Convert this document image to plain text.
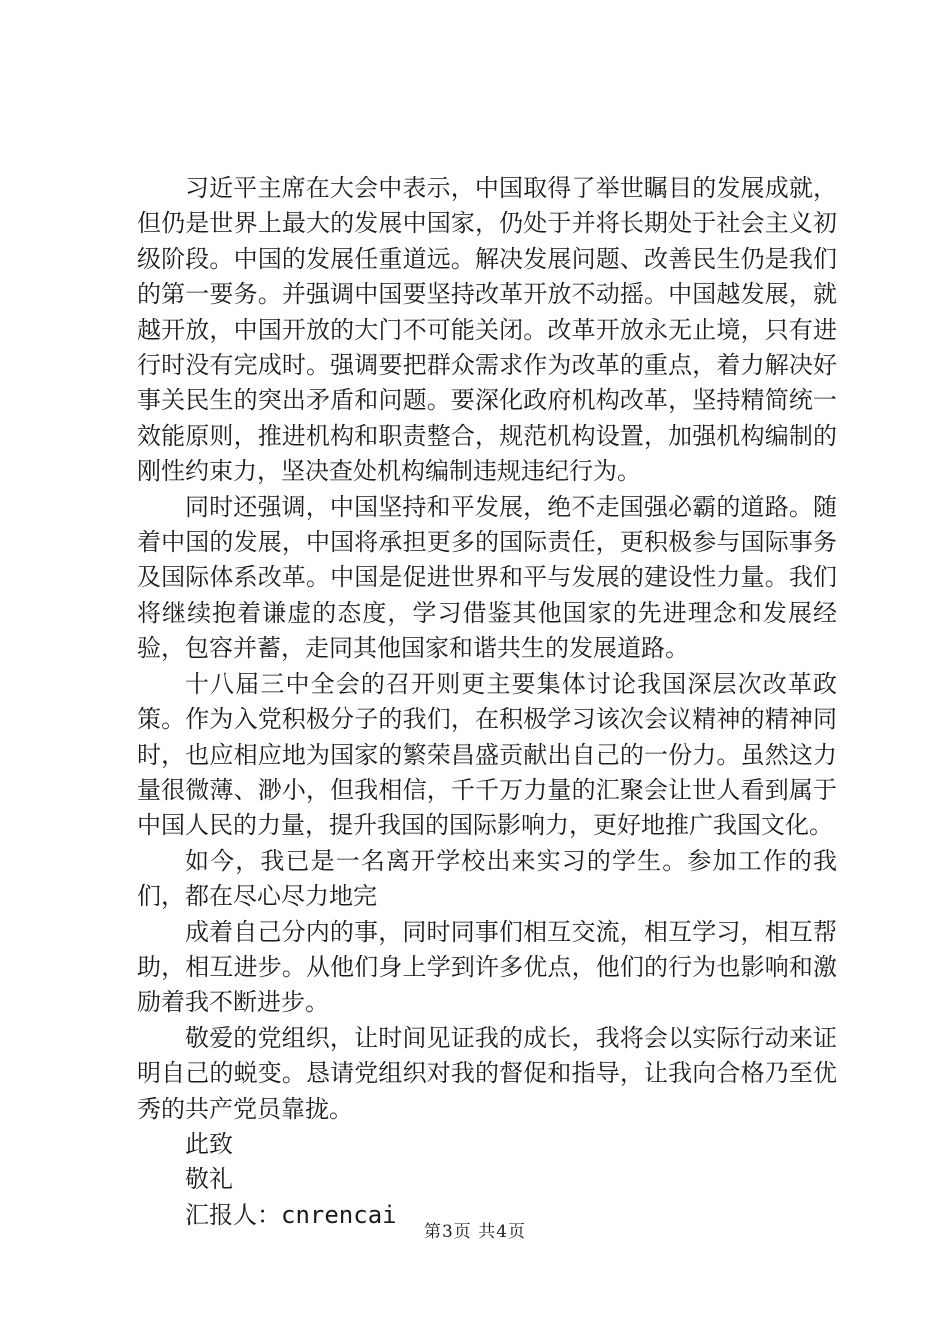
习近平主席在大会中表示，中国取得了举世瞩目的发展成就，但仍是世界上最大的发展中国家，仍处于并将长期处于社会主义初级阶段。中国的发展任重道远。解决发展问题、改善民生仍是我们的第一要务。并强调中国要坚持改革开放不动摇。中国越发展，就越开放，中国开放的大门不可能关闭。改革开放永无止境，只有进行时没有完成时。强调要把群众需求作为改革的重点，着力解决好事关民生的突出矛盾和问题。要深化政府机构改革，坚持精简统一效能原则，推进机构和职责整合，规范机构设置，加强机构编制的刚性约束力，坚决查处机构编制违规违纪行为。

同时还强调，中国坚持和平发展，绝不走国强必霸的道路。随着中国的发展，中国将承担更多的国际责任，更积极参与国际事务及国际体系改革。中国是促进世界和平与发展的建设性力量。我们将继续抱着谦虚的态度，学习借鉴其他国家的先进理念和发展经验，包容并蓄，走同其他国家和谐共生的发展道路。

十八届三中全会的召开则更主要集体讨论我国深层次改革政策。作为入党积极分子的我们，在积极学习该次会议精神的精神同时，也应相应地为国家的繁荣昌盛贡献出自己的一份力。虽然这力量很微薄、渺小，但我相信，千千万力量的汇聚会让世人看到属于中国人民的力量，提升我国的国际影响力，更好地推广我国文化。

如今，我已是一名离开学校出来实习的学生。参加工作的我们，都在尽心尽力地完

成着自己分内的事，同时同事们相互交流，相互学习，相互帮助，相互进步。从他们身上学到许多优点，他们的行为也影响和激励着我不断进步。

敬爱的党组织，让时间见证我的成长，我将会以实际行动来证明自己的蜕变。恳请党组织对我的督促和指导，让我向合格乃至优秀的共产党员靠拢。

此致

敬礼

汇报人：cnrencai

第3页 共4页
